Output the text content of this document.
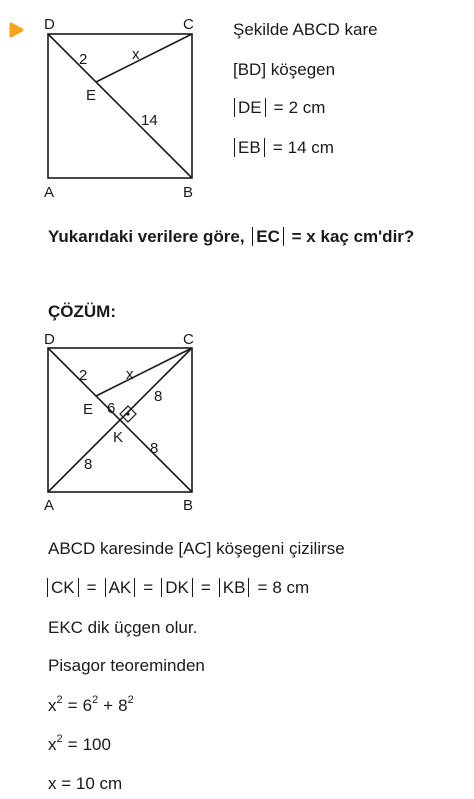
D	C
A	B
E
2	x
14
Şekilde ABCD kare
[BD] köşegen
DE = 2 cm
EB = 14 cm
Yukarıdaki verilere göre, EC = x kaç cm'dir?
ÇÖZÜM:
D	C
A	B
E
K
2	x
6
8
8
8
ABCD karesinde [AC] köşegeni çizilirse
CK = AK = DK = KB = 8 cm
EKC dik üçgen olur.
Pisagor teoreminden
$x^2 = 6^2 + 8^2$
$x^2 = 100$
x = 10 cm
